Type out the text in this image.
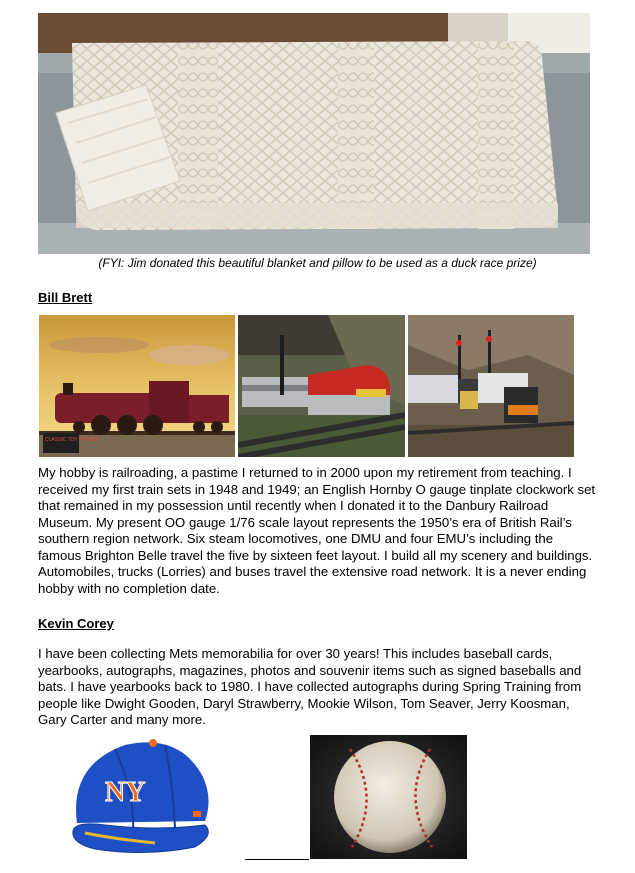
(FYI: Jim donated this beautiful blanket and pillow to be used as a duck race prize)
Bill Brett
CLASSIC TOY TRAINS
My hobby is railroading, a pastime I returned to in 2000 upon my retirement from teaching. I received my first train sets in 1948 and 1949; an English Hornby O gauge tinplate clockwork set that remained in my possession until recently when I donated it to the Danbury Railroad Museum. My present OO gauge 1/76 scale layout represents the 1950’s era of British Rail’s southern region network. Six steam locomotives, one DMU and four EMU’s including the famous Brighton Belle travel the five by sixteen feet layout. I build all my scenery and buildings. Automobiles, trucks (Lorries) and buses travel the extensive road network. It is a never ending hobby with no completion date.
Kevin Corey
I have been collecting Mets memorabilia for over 30 years! This includes baseball cards, yearbooks, autographs, magazines, photos and souvenir items such as signed baseballs and bats. I have yearbooks back to 1980. I have collected autographs during Spring Training from people like Dwight Gooden, Daryl Strawberry, Mookie Wilson, Tom Seaver, Jerry Koosman, Gary Carter and many more.
NY
